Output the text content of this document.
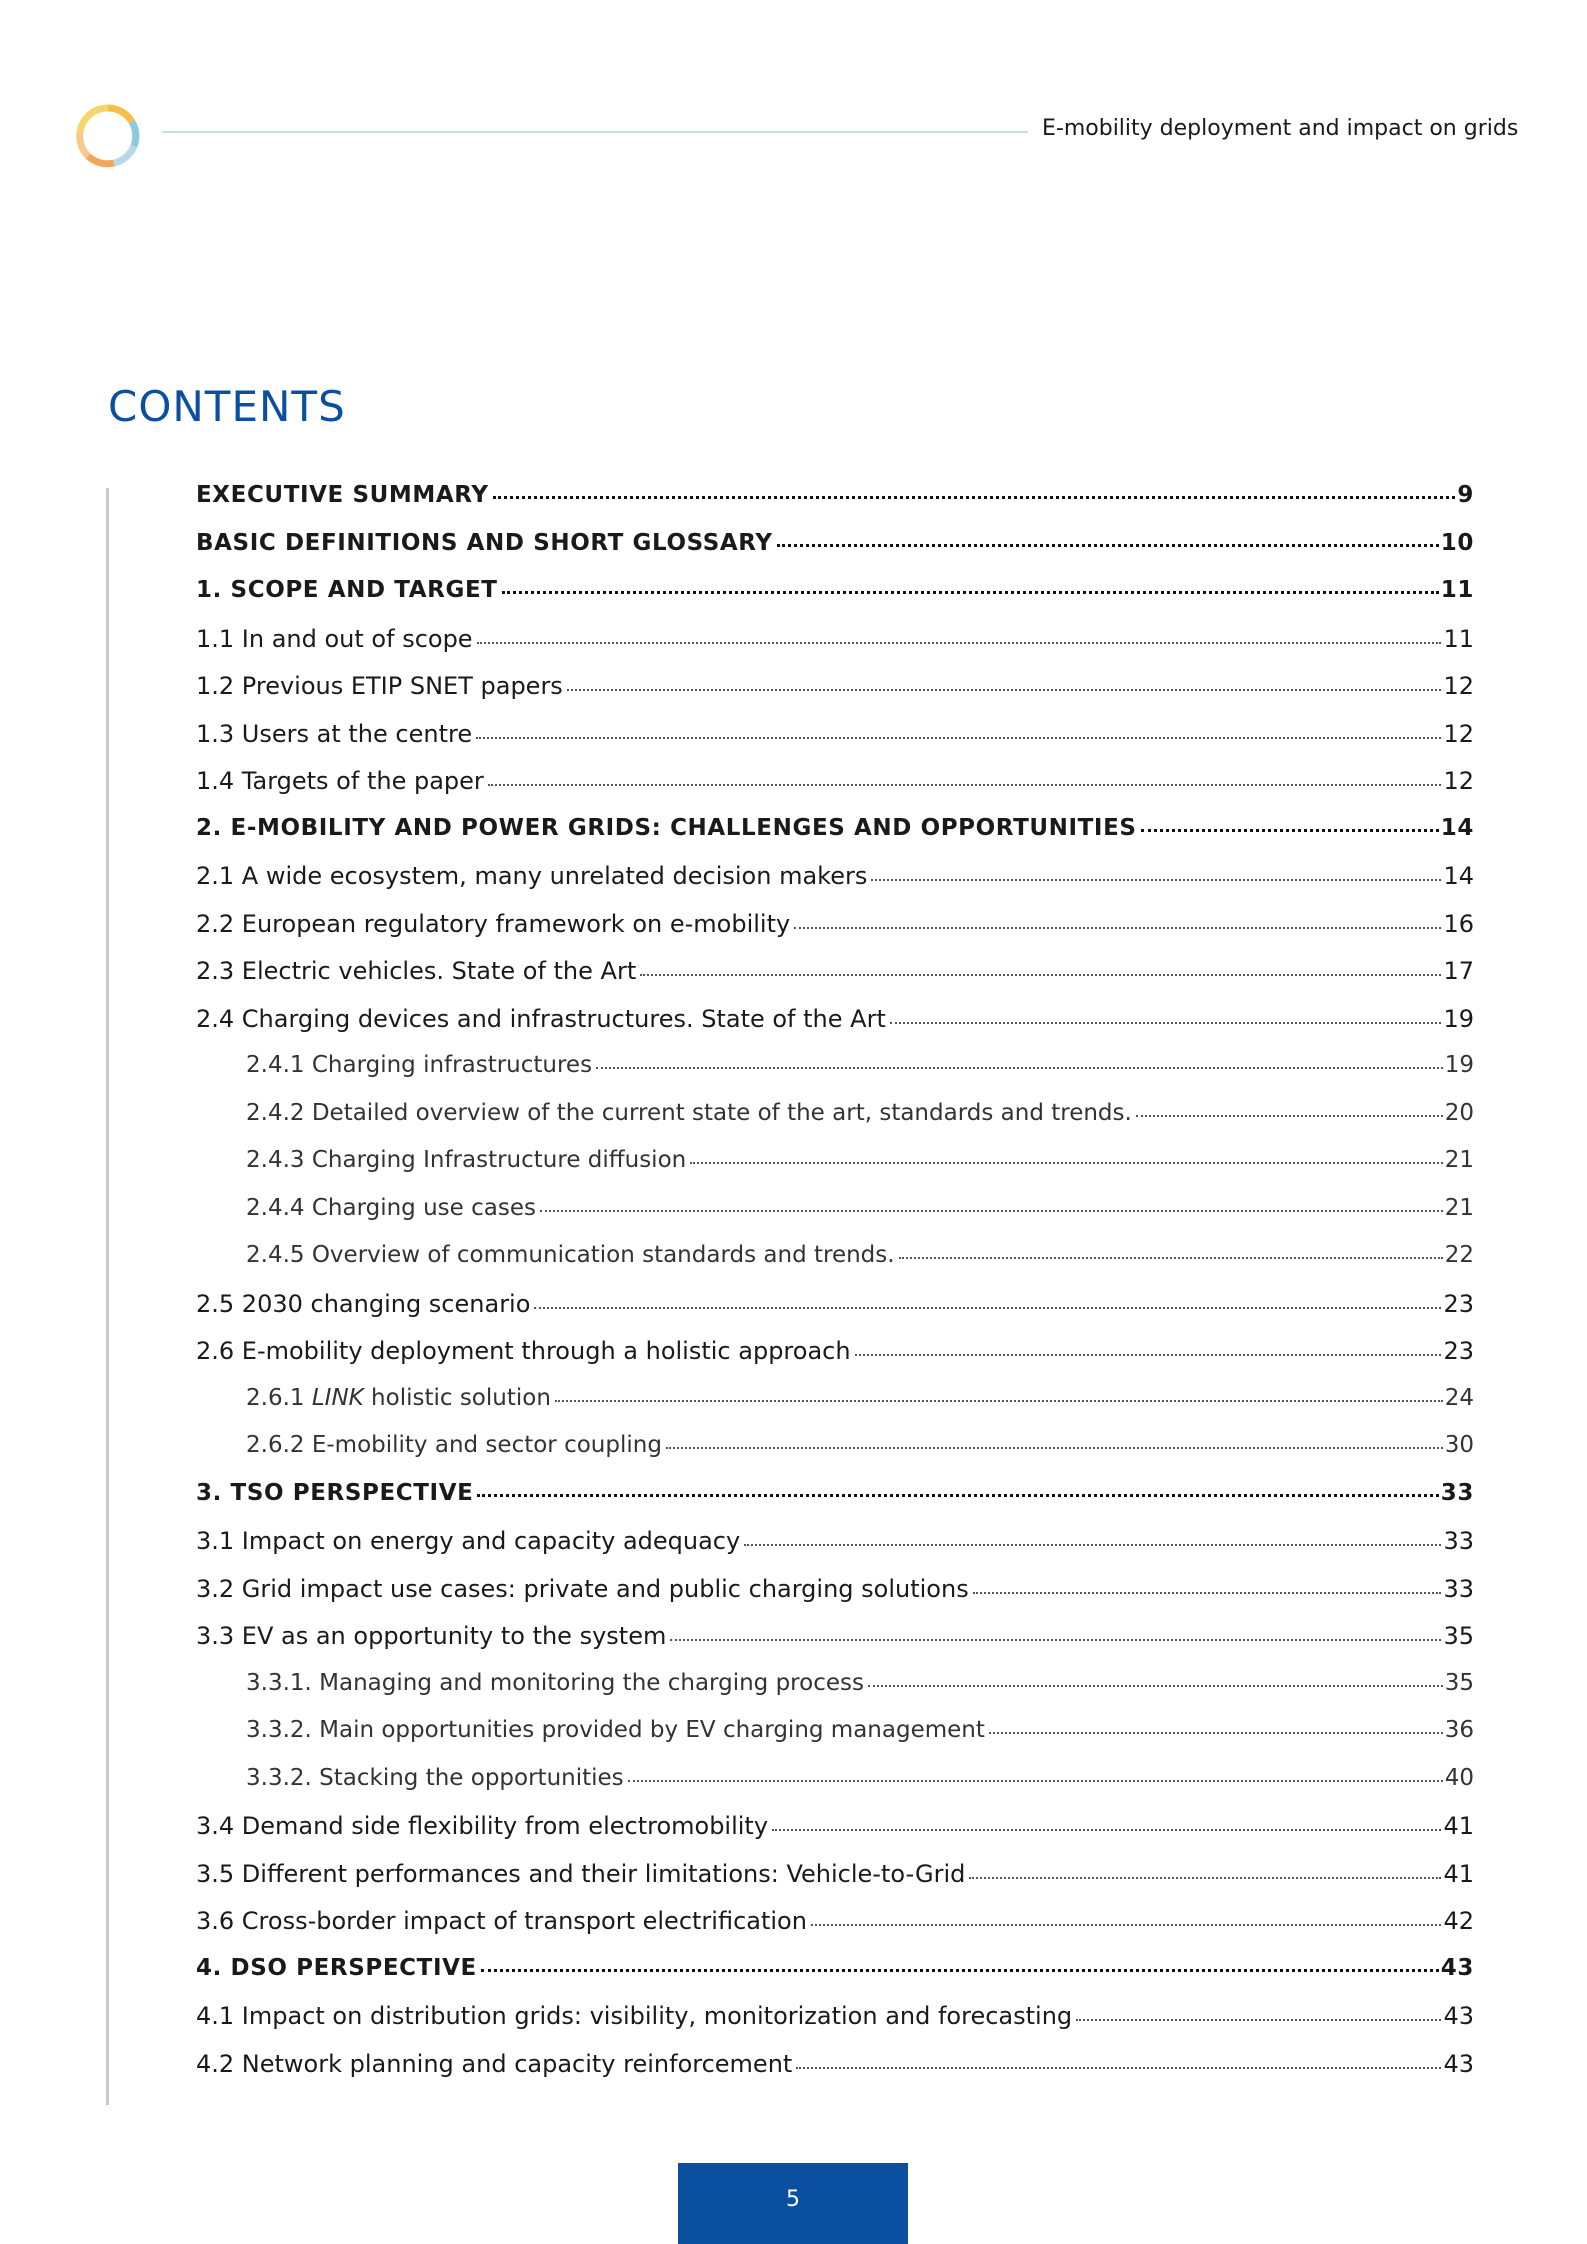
E-mobility deployment and impact on grids
CONTENTS
EXECUTIVE SUMMARY	9
BASIC DEFINITIONS AND SHORT GLOSSARY	10
1. SCOPE AND TARGET	11
1.1 In and out of scope	11
1.2 Previous ETIP SNET papers	12
1.3 Users at the centre	12
1.4 Targets of the paper	12
2. E-MOBILITY AND POWER GRIDS: CHALLENGES AND OPPORTUNITIES	14
2.1 A wide ecosystem, many unrelated decision makers	14
2.2 European regulatory framework on e-mobility	16
2.3 Electric vehicles. State of the Art	17
2.4 Charging devices and infrastructures. State of the Art	19
2.4.1 Charging infrastructures	19
2.4.2 Detailed overview of the current state of the art, standards and trends.	20
2.4.3 Charging Infrastructure diffusion	21
2.4.4 Charging use cases	21
2.4.5 Overview of communication standards and trends.	22
2.5 2030 changing scenario	23
2.6 E-mobility deployment through a holistic approach	23
2.6.1 LINK holistic solution	24
2.6.2 E-mobility and sector coupling	30
3. TSO PERSPECTIVE	33
3.1 Impact on energy and capacity adequacy	33
3.2 Grid impact use cases: private and public charging solutions	33
3.3 EV as an opportunity to the system	35
3.3.1. Managing and monitoring the charging process	35
3.3.2. Main opportunities provided by EV charging management	36
3.3.2. Stacking the opportunities	40
3.4 Demand side flexibility from electromobility	41
3.5 Different performances and their limitations: Vehicle-to-Grid	41
3.6 Cross-border impact of transport electrification	42
4. DSO PERSPECTIVE	43
4.1 Impact on distribution grids: visibility, monitorization and forecasting	43
4.2 Network planning and capacity reinforcement	43
5
